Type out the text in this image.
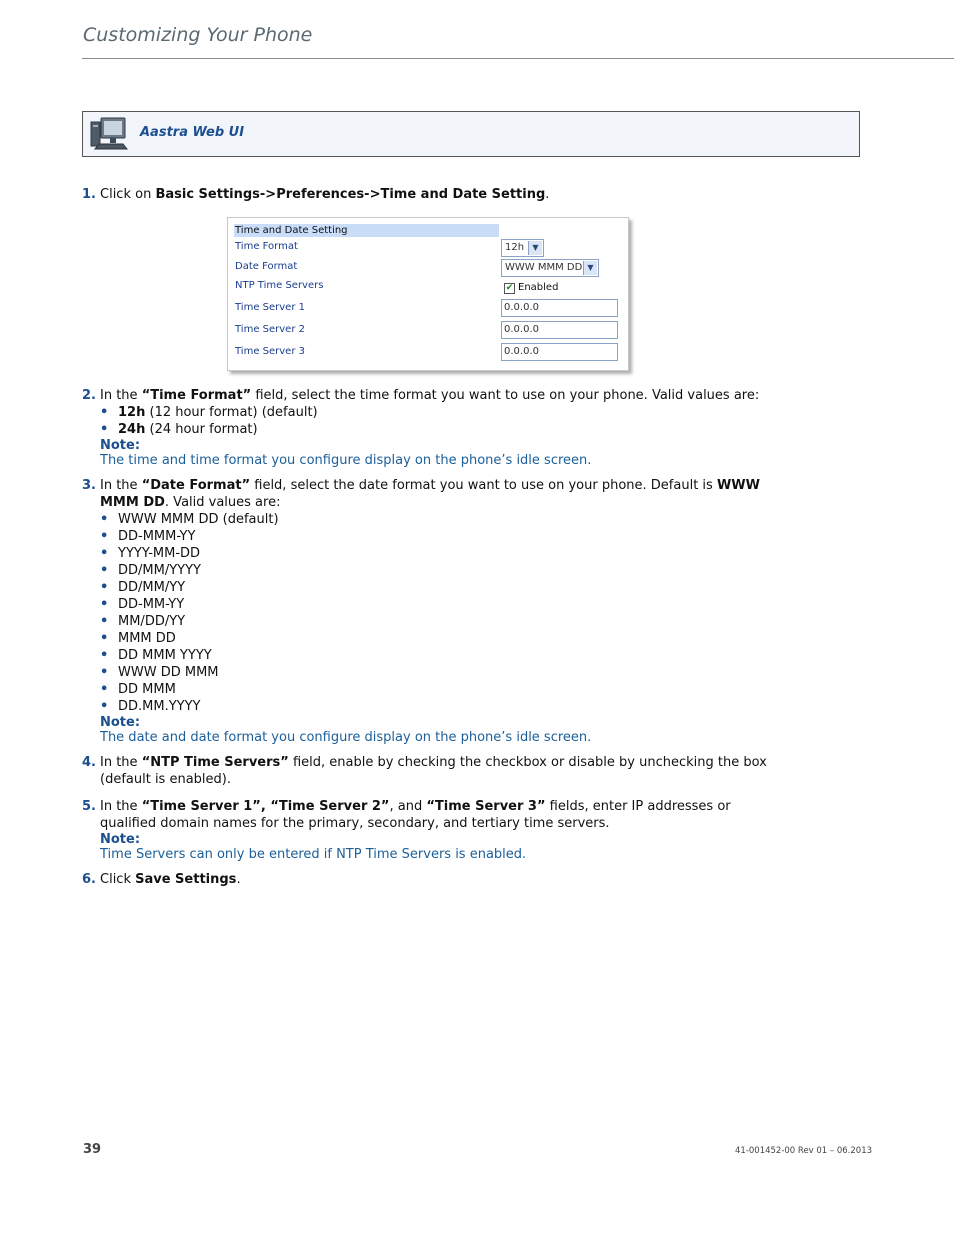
Customizing Your Phone
Aastra Web UI
1. Click on Basic Settings->Preferences->Time and Date Setting.
Time and Date Setting
Time Format	12h	▼
Date Format	WWW MMM DD ▼
NTP Time Servers	✔ Enabled
Time Server 1	0.0.0.0
Time Server 2	0.0.0.0
Time Server 3	0.0.0.0
2. In the “Time Format” field, select the time format you want to use on your phone. Valid values are:
• 12h (12 hour format) (default)
• 24h (24 hour format)
Note:
The time and time format you configure display on the phone’s idle screen.
3. In the “Date Format” field, select the date format you want to use on your phone. Default is WWW MMM DD. Valid values are:
• WWW MMM DD (default)
• DD-MMM-YY
• YYYY-MM-DD
• DD/MM/YYYY
• DD/MM/YY
• DD-MM-YY
• MM/DD/YY
• MMM DD
• DD MMM YYYY
• WWW DD MMM
• DD MMM
• DD.MM.YYYY
Note:
The date and date format you configure display on the phone’s idle screen.
4. In the “NTP Time Servers” field, enable by checking the checkbox or disable by unchecking the box (default is enabled).
5. In the “Time Server 1”, “Time Server 2”, and “Time Server 3” fields, enter IP addresses or qualified domain names for the primary, secondary, and tertiary time servers.
Note:
Time Servers can only be entered if NTP Time Servers is enabled.
6. Click Save Settings.
39	41-001452-00 Rev 01 – 06.2013
